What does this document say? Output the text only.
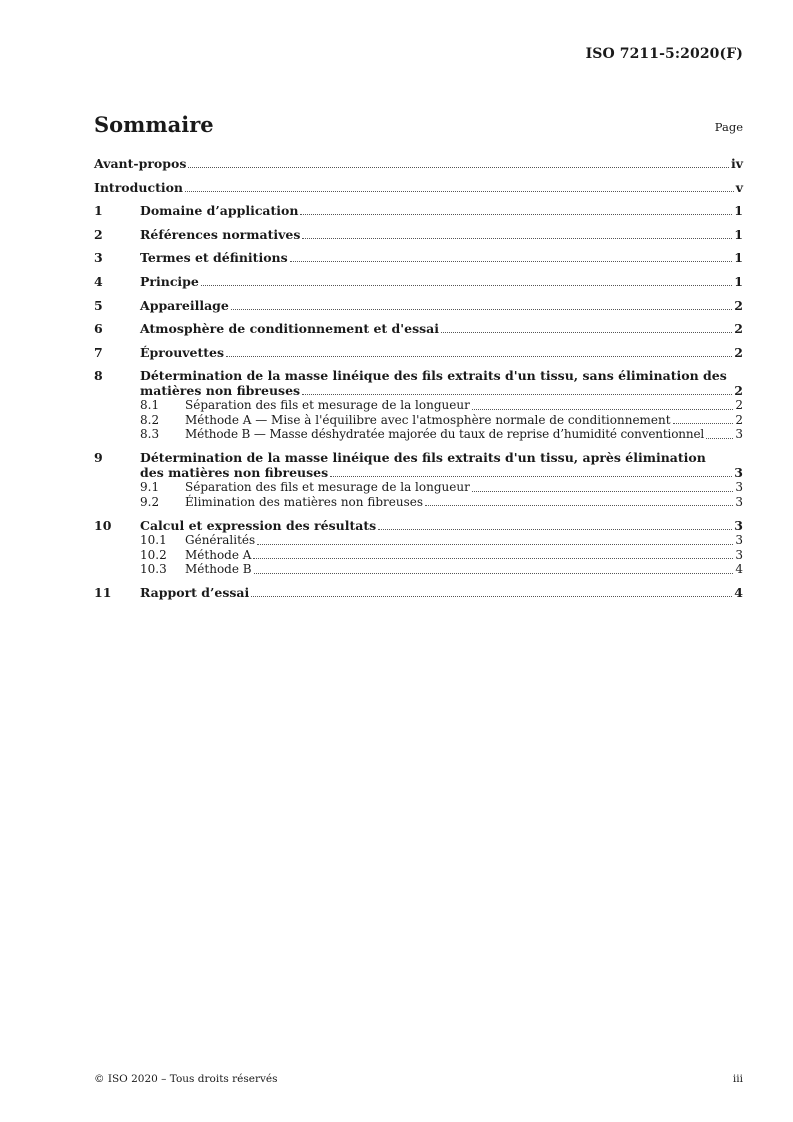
ISO 7211-5:2020(F)
Sommaire	Page
Avant-propos	iv
Introduction	v
1	Domaine d’application	1
2	Références normatives	1
3	Termes et définitions	1
4	Principe	1
5	Appareillage	2
6	Atmosphère de conditionnement et d'essai	2
7	Éprouvettes	2
8	Détermination de la masse linéique des fils extraits d'un tissu, sans élimination des
matières non fibreuses	2
8.1	Séparation des fils et mesurage de la longueur	2
8.2	Méthode A — Mise à l'équilibre avec l'atmosphère normale de conditionnement	2
8.3	Méthode B — Masse déshydratée majorée du taux de reprise d’humidité conventionnel	3
9	Détermination de la masse linéique des fils extraits d'un tissu, après élimination
des matières non fibreuses	3
9.1	Séparation des fils et mesurage de la longueur	3
9.2	Élimination des matières non fibreuses	3
10	Calcul et expression des résultats	3
10.1	Généralités	3
10.2	Méthode A	3
10.3	Méthode B	4
11	Rapport d’essai	4
© ISO 2020 – Tous droits réservés	iii
